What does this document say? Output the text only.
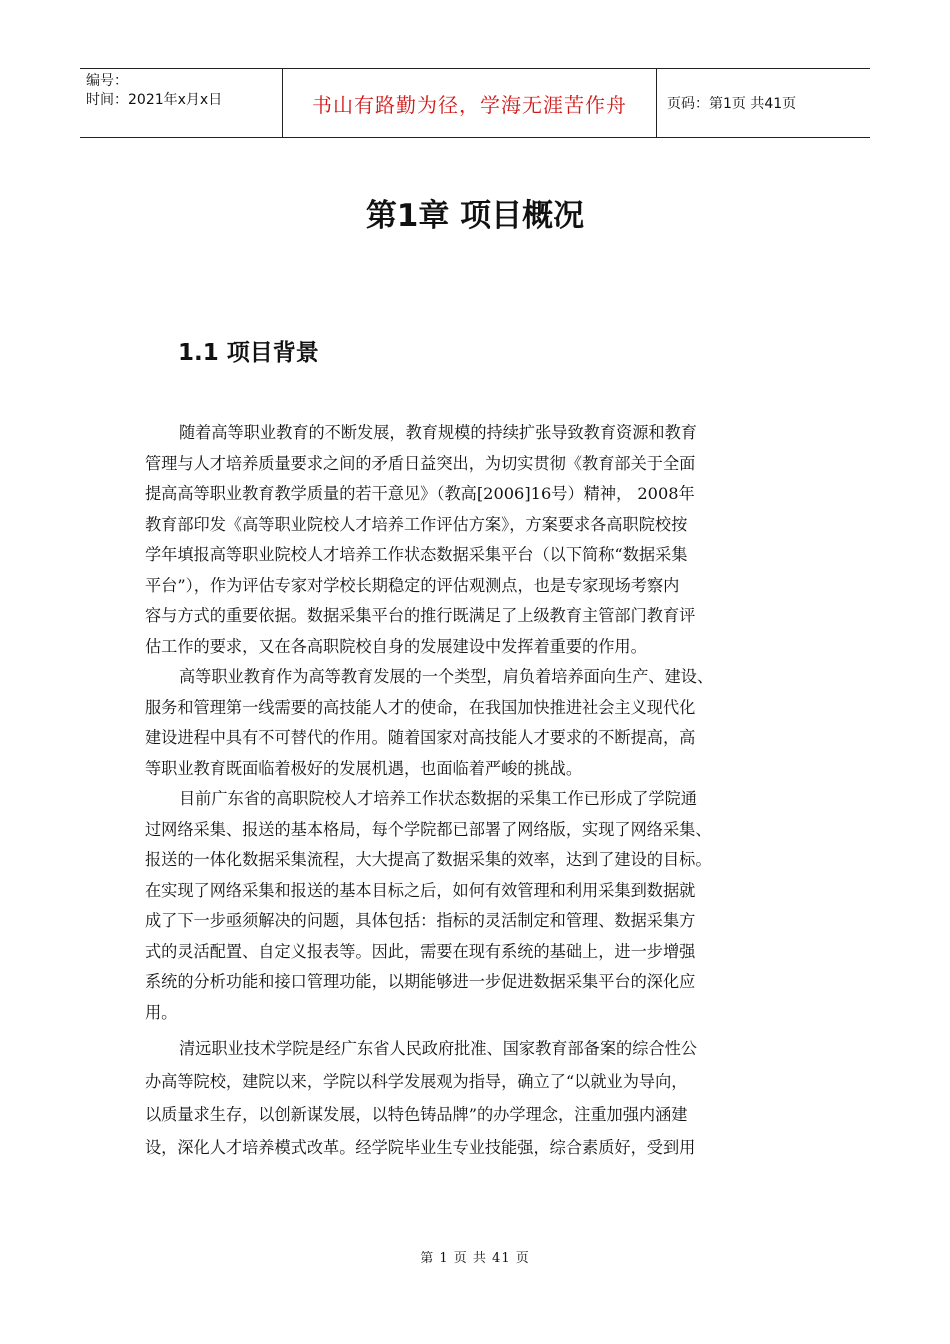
编号：
时间：2021年x月x日	书山有路勤为径，学海无涯苦作舟	页码：第1页 共41页
第1章 项目概况
1.1 项目背景
随着高等职业教育的不断发展，教育规模的持续扩张导致教育资源和教育
管理与人才培养质量要求之间的矛盾日益突出，为切实贯彻《教育部关于全面
提高高等职业教育教学质量的若干意见》（教高[2006]16号）精神， 2008年
教育部印发《高等职业院校人才培养工作评估方案》，方案要求各高职院校按
学年填报高等职业院校人才培养工作状态数据采集平台（以下简称“数据采集
平台”），作为评估专家对学校长期稳定的评估观测点，也是专家现场考察内
容与方式的重要依据。数据采集平台的推行既满足了上级教育主管部门教育评
估工作的要求，又在各高职院校自身的发展建设中发挥着重要的作用。
高等职业教育作为高等教育发展的一个类型，肩负着培养面向生产、建设、
服务和管理第一线需要的高技能人才的使命，在我国加快推进社会主义现代化
建设进程中具有不可替代的作用。随着国家对高技能人才要求的不断提高，高
等职业教育既面临着极好的发展机遇，也面临着严峻的挑战。
目前广东省的高职院校人才培养工作状态数据的采集工作已形成了学院通
过网络采集、报送的基本格局，每个学院都已部署了网络版，实现了网络采集、
报送的一体化数据采集流程，大大提高了数据采集的效率，达到了建设的目标。
在实现了网络采集和报送的基本目标之后，如何有效管理和利用采集到数据就
成了下一步亟须解决的问题，具体包括：指标的灵活制定和管理、数据采集方
式的灵活配置、自定义报表等。因此，需要在现有系统的基础上，进一步增强
系统的分析功能和接口管理功能，以期能够进一步促进数据采集平台的深化应
用。
清远职业技术学院是经广东省人民政府批准、国家教育部备案的综合性公
办高等院校，建院以来，学院以科学发展观为指导，确立了“以就业为导向，
以质量求生存，以创新谋发展，以特色铸品牌”的办学理念，注重加强内涵建
设，深化人才培养模式改革。经学院毕业生专业技能强，综合素质好，受到用
第 1 页 共 41 页
